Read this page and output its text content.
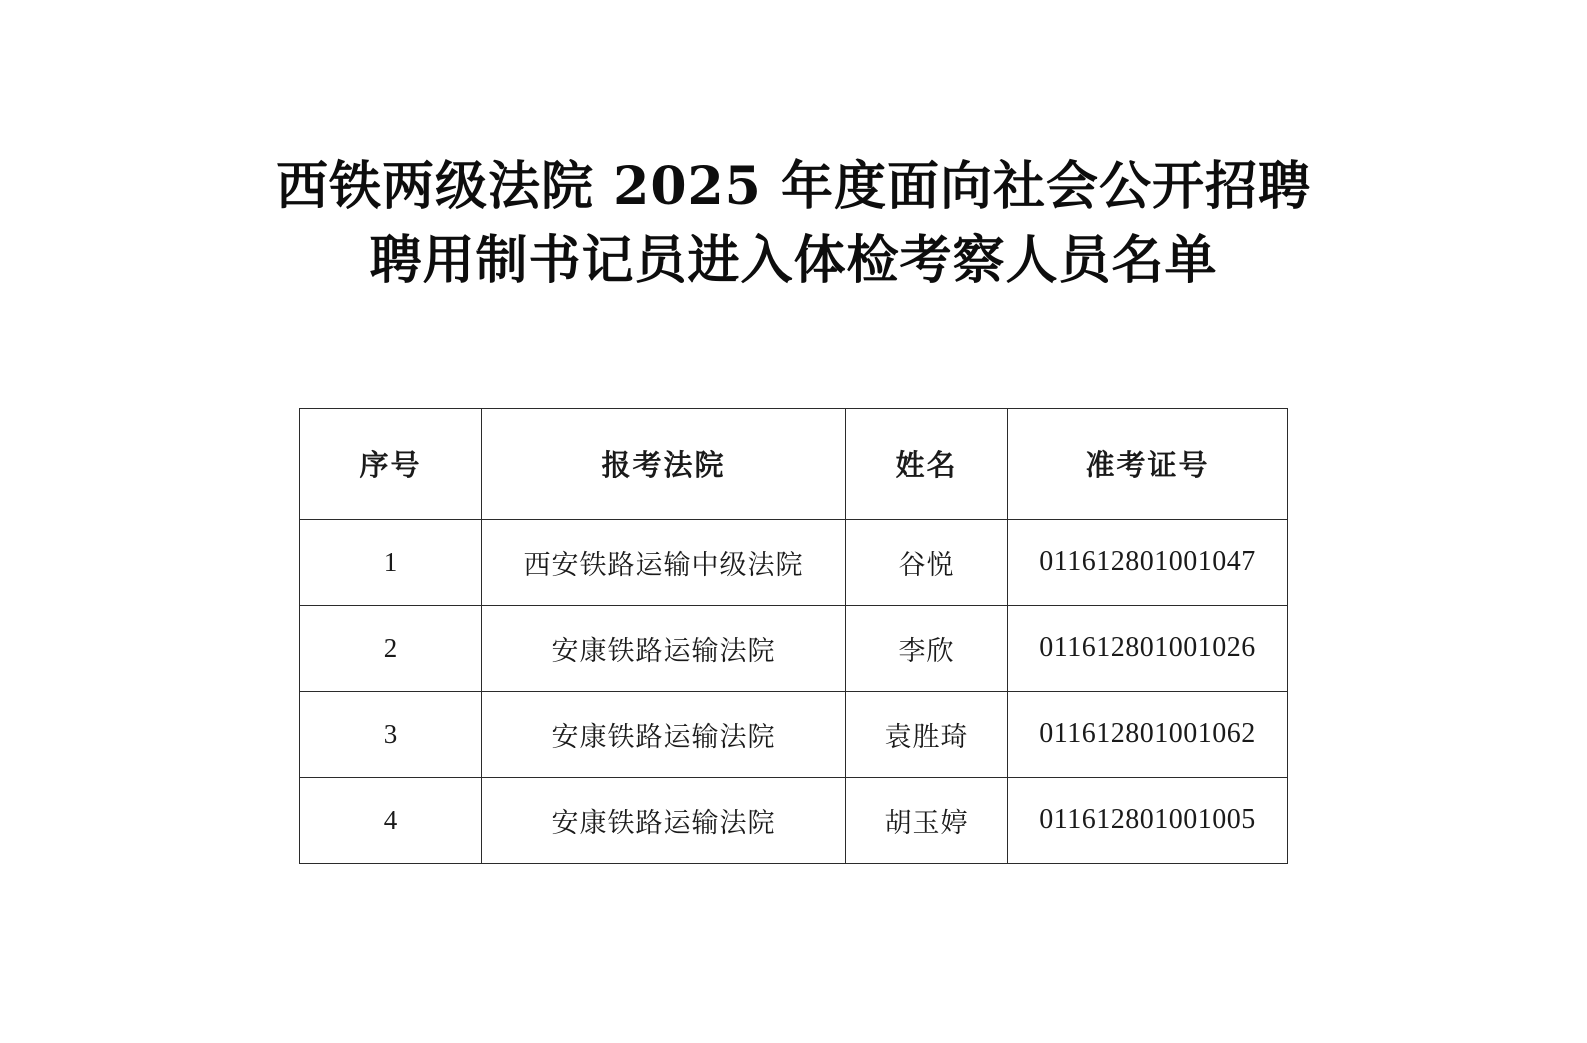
西铁两级法院 2025 年度面向社会公开招聘
聘用制书记员进入体检考察人员名单
序号	报考法院	姓名	准考证号
1	西安铁路运输中级法院	谷悦	011612801001047
2	安康铁路运输法院	李欣	011612801001026
3	安康铁路运输法院	袁胜琦	011612801001062
4	安康铁路运输法院	胡玉婷	011612801001005
